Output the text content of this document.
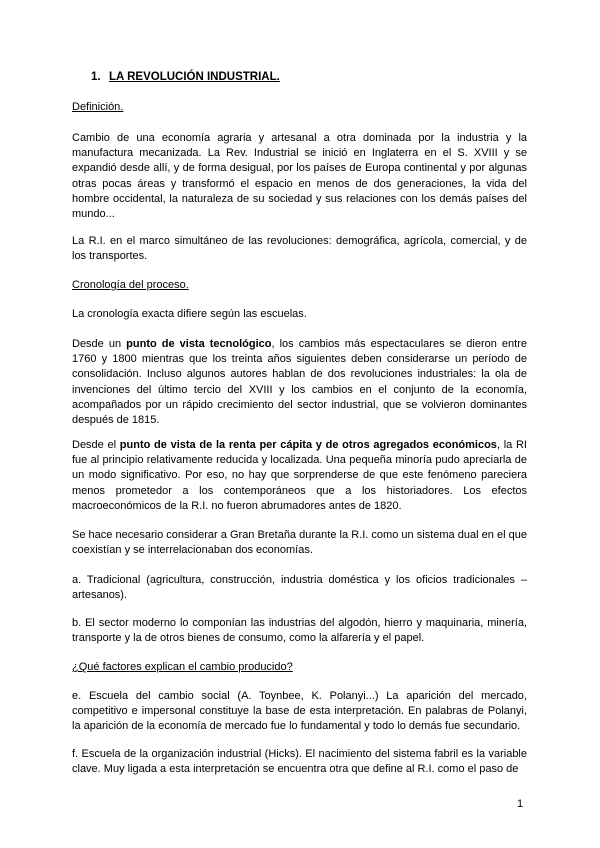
1. LA REVOLUCIÓN INDUSTRIAL.
Definición.
Cambio de una economía agraria y artesanal a otra dominada por la industria y la manufactura mecanizada. La Rev. Industrial se inició en Inglaterra en el S. XVIII y se expandió desde allí, y de forma desigual, por los países de Europa continental y por algunas otras pocas áreas y transformó el espacio en menos de dos generaciones, la vida del hombre occidental, la naturaleza de su sociedad y sus relaciones con los demás países del mundo...
La R.I. en el marco simultáneo de las revoluciones: demográfica, agrícola, comercial, y de los transportes.
Cronología del proceso.
La cronología exacta difiere según las escuelas.
Desde un punto de vista tecnológico, los cambios más espectaculares se dieron entre 1760 y 1800 mientras que los treinta años siguientes deben considerarse un período de consolidación. Incluso algunos autores hablan de dos revoluciones industriales: la ola de invenciones del último tercio del XVIII y los cambios en el conjunto de la economía, acompañados por un rápido crecimiento del sector industrial, que se volvieron dominantes después de 1815.
Desde el punto de vista de la renta per cápita y de otros agregados económicos, la RI fue al principio relativamente reducida y localizada. Una pequeña minoría pudo apreciarla de un modo significativo. Por eso, no hay que sorprenderse de que este fenómeno pareciera menos prometedor a los contemporáneos que a los historiadores. Los efectos macroeconómicos de la R.I. no fueron abrumadores antes de 1820.
Se hace necesario considerar a Gran Bretaña durante la R.I. como un sistema dual en el que coexistían y se interrelacionaban dos economías.
a. Tradicional (agricultura, construcción, industria doméstica y los oficios tradicionales – artesanos).
b. El sector moderno lo componían las industrias del algodón, hierro y maquinaria, minería, transporte y la de otros bienes de consumo, como la alfarería y el papel.
¿Qué factores explican el cambio producido?
e. Escuela del cambio social (A. Toynbee, K. Polanyi...) La aparición del mercado, competitivo e impersonal constituye la base de esta interpretación. En palabras de Polanyi, la aparición de la economía de mercado fue lo fundamental y todo lo demás fue secundario.
f. Escuela de la organización industrial (Hicks). El nacimiento del sistema fabril es la variable clave. Muy ligada a esta interpretación se encuentra otra que define al R.I. como el paso de
1
